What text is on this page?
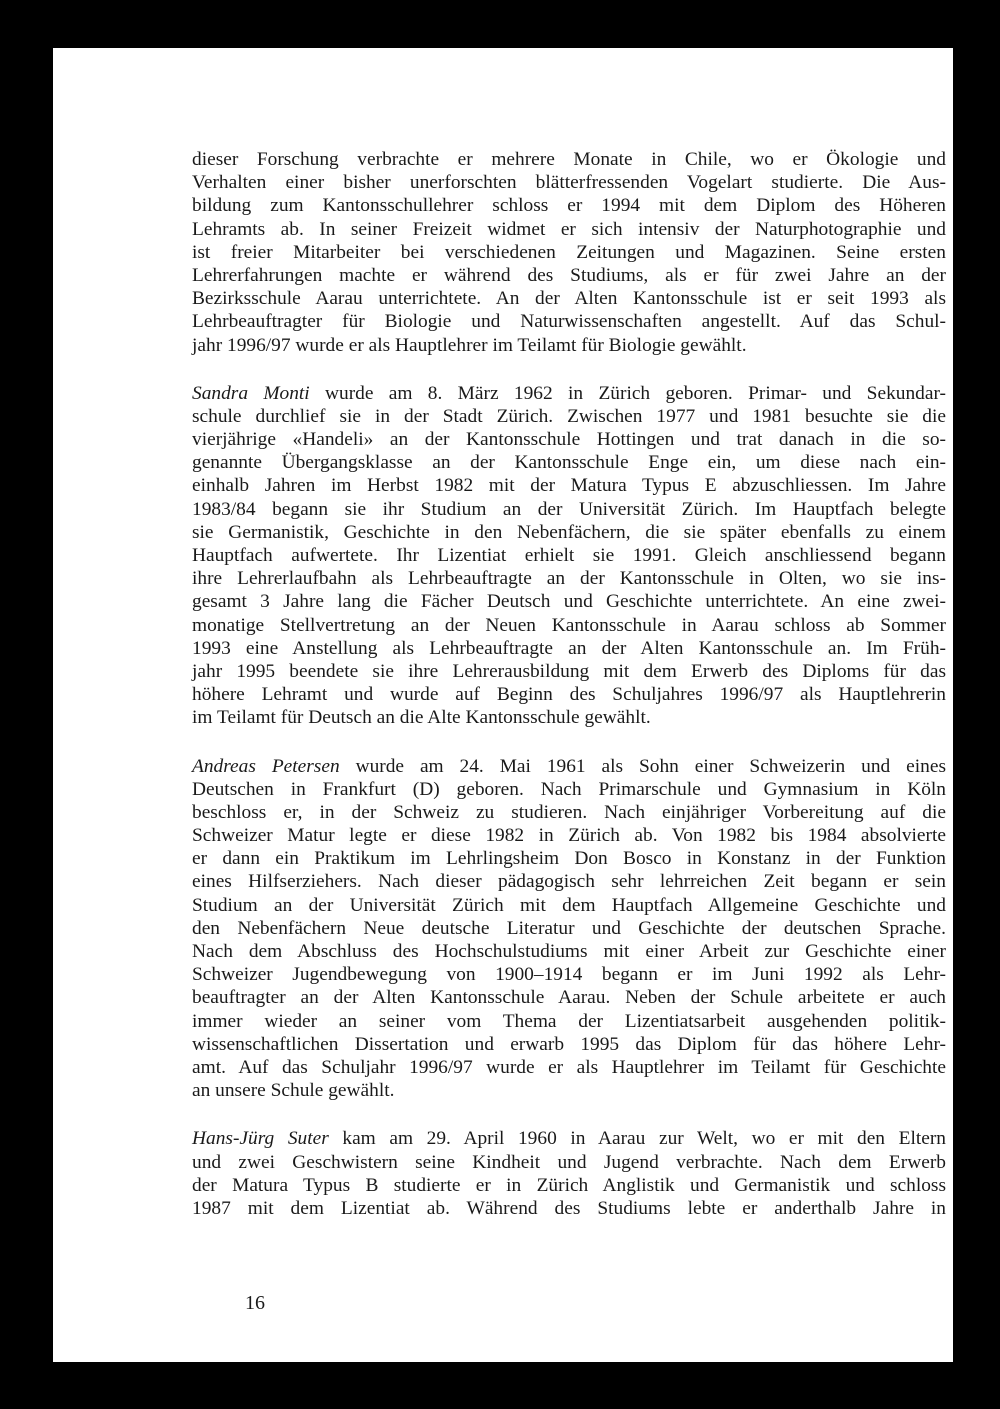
dieser Forschung verbrachte er mehrere Monate in Chile, wo er Ökologie und
Verhalten einer bisher unerforschten blätterfressenden Vogelart studierte. Die Aus-
bildung zum Kantonsschullehrer schloss er 1994 mit dem Diplom des Höheren
Lehramts ab. In seiner Freizeit widmet er sich intensiv der Naturphotographie und
ist freier Mitarbeiter bei verschiedenen Zeitungen und Magazinen. Seine ersten
Lehrerfahrungen machte er während des Studiums, als er für zwei Jahre an der
Bezirksschule Aarau unterrichtete. An der Alten Kantonsschule ist er seit 1993 als
Lehrbeauftragter für Biologie und Naturwissenschaften angestellt. Auf das Schul-
jahr 1996/97 wurde er als Hauptlehrer im Teilamt für Biologie gewählt.
Sandra Monti wurde am 8. März 1962 in Zürich geboren. Primar- und Sekundar-
schule durchlief sie in der Stadt Zürich. Zwischen 1977 und 1981 besuchte sie die
vierjährige «Handeli» an der Kantonsschule Hottingen und trat danach in die so-
genannte Übergangsklasse an der Kantonsschule Enge ein, um diese nach ein-
einhalb Jahren im Herbst 1982 mit der Matura Typus E abzuschliessen. Im Jahre
1983/84 begann sie ihr Studium an der Universität Zürich. Im Hauptfach belegte
sie Germanistik, Geschichte in den Nebenfächern, die sie später ebenfalls zu einem
Hauptfach aufwertete. Ihr Lizentiat erhielt sie 1991. Gleich anschliessend begann
ihre Lehrerlaufbahn als Lehrbeauftragte an der Kantonsschule in Olten, wo sie ins-
gesamt 3 Jahre lang die Fächer Deutsch und Geschichte unterrichtete. An eine zwei-
monatige Stellvertretung an der Neuen Kantonsschule in Aarau schloss ab Sommer
1993 eine Anstellung als Lehrbeauftragte an der Alten Kantonsschule an. Im Früh-
jahr 1995 beendete sie ihre Lehrerausbildung mit dem Erwerb des Diploms für das
höhere Lehramt und wurde auf Beginn des Schuljahres 1996/97 als Hauptlehrerin
im Teilamt für Deutsch an die Alte Kantonsschule gewählt.
Andreas Petersen wurde am 24. Mai 1961 als Sohn einer Schweizerin und eines
Deutschen in Frankfurt (D) geboren. Nach Primarschule und Gymnasium in Köln
beschloss er, in der Schweiz zu studieren. Nach einjähriger Vorbereitung auf die
Schweizer Matur legte er diese 1982 in Zürich ab. Von 1982 bis 1984 absolvierte
er dann ein Praktikum im Lehrlingsheim Don Bosco in Konstanz in der Funktion
eines Hilfserziehers. Nach dieser pädagogisch sehr lehrreichen Zeit begann er sein
Studium an der Universität Zürich mit dem Hauptfach Allgemeine Geschichte und
den Nebenfächern Neue deutsche Literatur und Geschichte der deutschen Sprache.
Nach dem Abschluss des Hochschulstudiums mit einer Arbeit zur Geschichte einer
Schweizer Jugendbewegung von 1900–1914 begann er im Juni 1992 als Lehr-
beauftragter an der Alten Kantonsschule Aarau. Neben der Schule arbeitete er auch
immer wieder an seiner vom Thema der Lizentiatsarbeit ausgehenden politik-
wissenschaftlichen Dissertation und erwarb 1995 das Diplom für das höhere Lehr-
amt. Auf das Schuljahr 1996/97 wurde er als Hauptlehrer im Teilamt für Geschichte
an unsere Schule gewählt.
Hans-Jürg Suter kam am 29. April 1960 in Aarau zur Welt, wo er mit den Eltern
und zwei Geschwistern seine Kindheit und Jugend verbrachte. Nach dem Erwerb
der Matura Typus B studierte er in Zürich Anglistik und Germanistik und schloss
1987 mit dem Lizentiat ab. Während des Studiums lebte er anderthalb Jahre in
16
